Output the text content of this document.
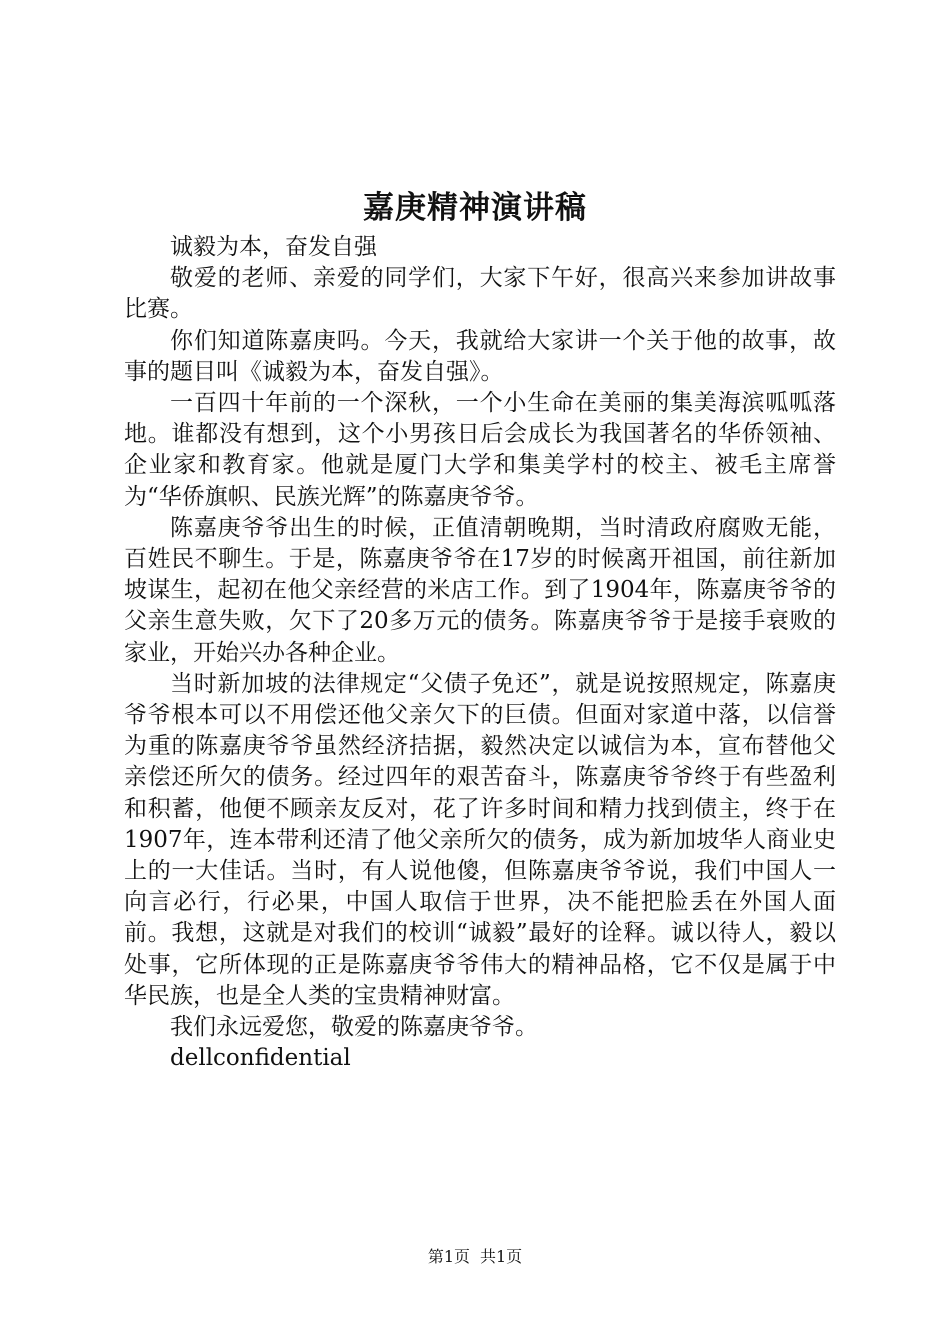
嘉庚精神演讲稿

诚毅为本，奋发自强

敬爱的老师、亲爱的同学们，大家下午好，很高兴来参加讲故事比赛。

你们知道陈嘉庚吗。今天，我就给大家讲一个关于他的故事，故事的题目叫《诚毅为本，奋发自强》。

一百四十年前的一个深秋，一个小生命在美丽的集美海滨呱呱落地。谁都没有想到，这个小男孩日后会成长为我国著名的华侨领袖、企业家和教育家。他就是厦门大学和集美学村的校主、被毛主席誉为“华侨旗帜、民族光辉”的陈嘉庚爷爷。

陈嘉庚爷爷出生的时候，正值清朝晚期，当时清政府腐败无能，百姓民不聊生。于是，陈嘉庚爷爷在17岁的时候离开祖国，前往新加坡谋生，起初在他父亲经营的米店工作。到了1904年，陈嘉庚爷爷的父亲生意失败，欠下了20多万元的债务。陈嘉庚爷爷于是接手衰败的家业，开始兴办各种企业。

当时新加坡的法律规定“父债子免还”，就是说按照规定，陈嘉庚爷爷根本可以不用偿还他父亲欠下的巨债。但面对家道中落，以信誉为重的陈嘉庚爷爷虽然经济拮据，毅然决定以诚信为本，宣布替他父亲偿还所欠的债务。经过四年的艰苦奋斗，陈嘉庚爷爷终于有些盈利和积蓄，他便不顾亲友反对，花了许多时间和精力找到债主，终于在1907年，连本带利还清了他父亲所欠的债务，成为新加坡华人商业史上的一大佳话。当时，有人说他傻，但陈嘉庚爷爷说，我们中国人一向言必行，行必果，中国人取信于世界，决不能把脸丢在外国人面前。我想，这就是对我们的校训“诚毅”最好的诠释。诚以待人，毅以处事，它所体现的正是陈嘉庚爷爷伟大的精神品格，它不仅是属于中华民族，也是全人类的宝贵精神财富。

我们永远爱您，敬爱的陈嘉庚爷爷。

dellconfidential

第1页 共1页
